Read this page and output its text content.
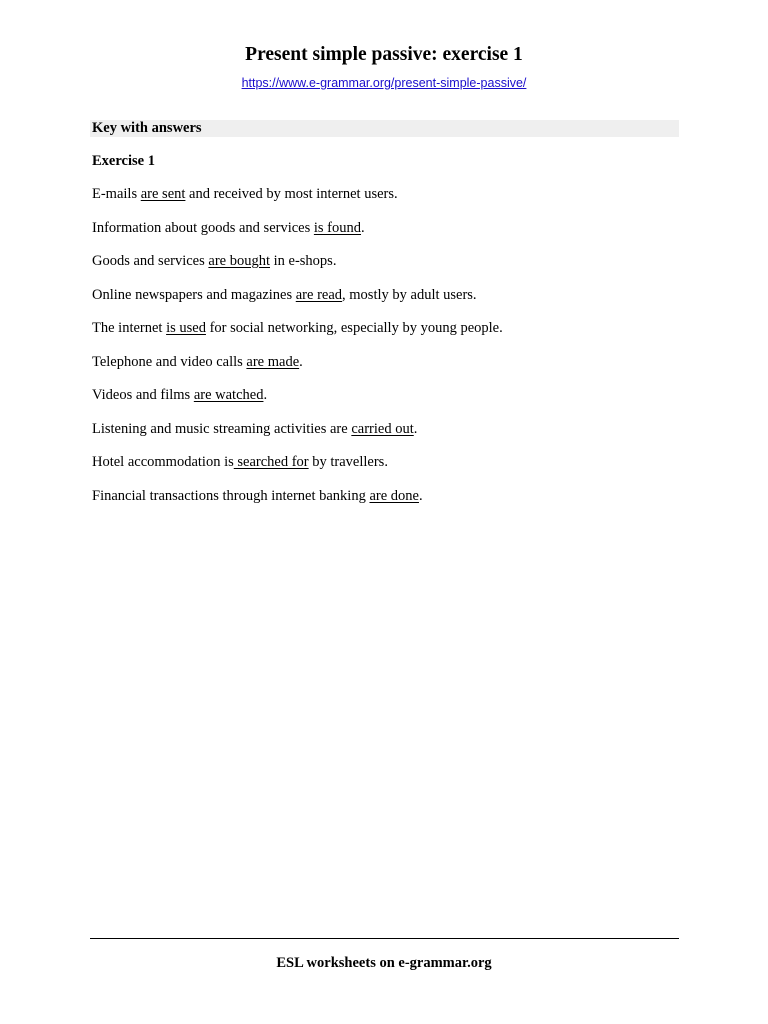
Present simple passive: exercise 1
https://www.e-grammar.org/present-simple-passive/
Key with answers
Exercise 1
E-mails are sent and received by most internet users.
Information about goods and services is found.
Goods and services are bought in e-shops.
Online newspapers and magazines are read, mostly by adult users.
The internet is used for social networking, especially by young people.
Telephone and video calls are made.
Videos and films are watched.
Listening and music streaming activities are carried out.
Hotel accommodation is searched for by travellers.
Financial transactions through internet banking are done.
ESL worksheets on e-grammar.org
